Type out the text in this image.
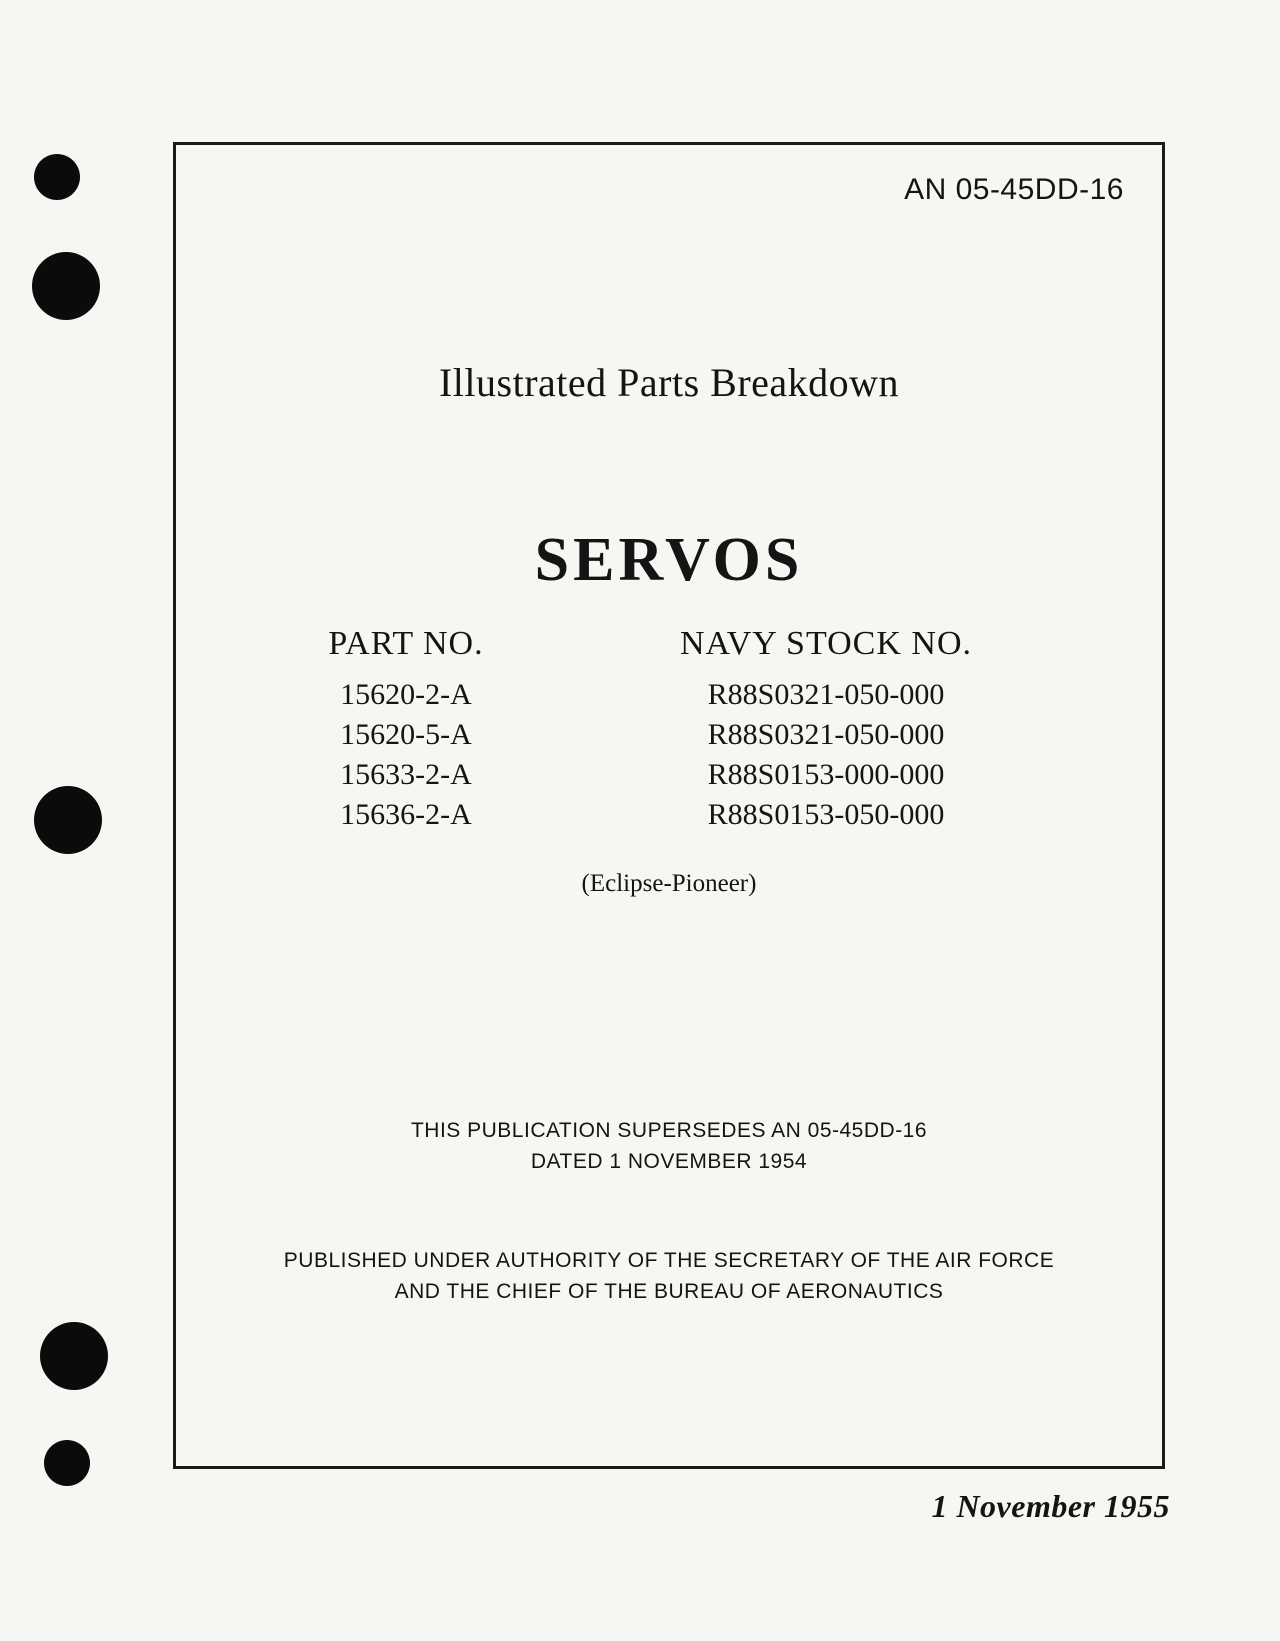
AN 05-45DD-16
Illustrated Parts Breakdown
SERVOS
PART NO.
15620-2-A
15620-5-A
15633-2-A
15636-2-A
NAVY STOCK NO.
R88S0321-050-000
R88S0321-050-000
R88S0153-000-000
R88S0153-050-000
(Eclipse-Pioneer)
THIS PUBLICATION SUPERSEDES AN 05-45DD-16
DATED 1 NOVEMBER 1954
PUBLISHED UNDER AUTHORITY OF THE SECRETARY OF THE AIR FORCE
AND THE CHIEF OF THE BUREAU OF AERONAUTICS
1 November 1955
